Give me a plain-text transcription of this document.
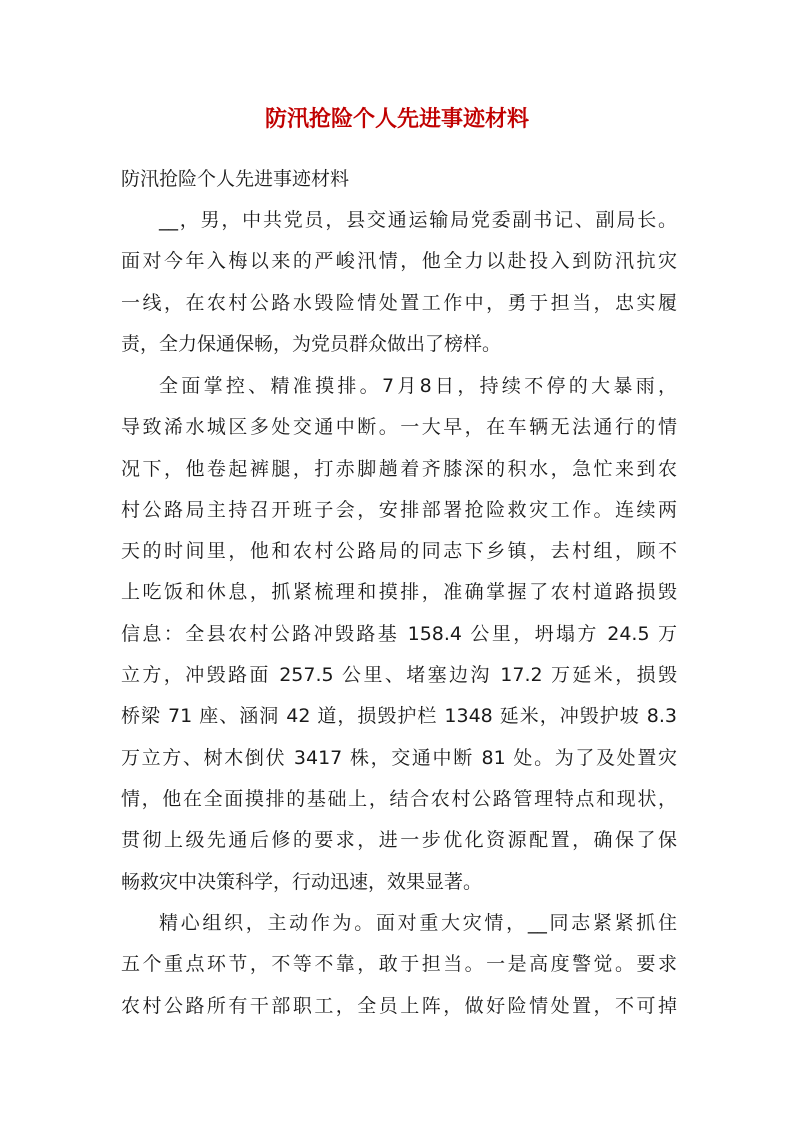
防汛抢险个人先进事迹材料
防汛抢险个人先进事迹材料
__，男，中共党员，县交通运输局党委副书记、副局长。
面对今年入梅以来的严峻汛情，他全力以赴投入到防汛抗灾
一线，在农村公路水毁险情处置工作中，勇于担当，忠实履
责，全力保通保畅，为党员群众做出了榜样。
全面掌控、精准摸排。7月8日，持续不停的大暴雨，
导致浠水城区多处交通中断。一大早，在车辆无法通行的情
况下，他卷起裤腿，打赤脚趟着齐膝深的积水，急忙来到农
村公路局主持召开班子会，安排部署抢险救灾工作。连续两
天的时间里，他和农村公路局的同志下乡镇，去村组，顾不
上吃饭和休息，抓紧梳理和摸排，准确掌握了农村道路损毁
信息：全县农村公路冲毁路基 158.4 公里，坍塌方 24.5 万
立方，冲毁路面 257.5 公里、堵塞边沟 17.2 万延米，损毁
桥梁 71 座、涵洞 42 道，损毁护栏 1348 延米，冲毁护坡 8.3
万立方、树木倒伏 3417 株，交通中断 81 处。为了及处置灾
情，他在全面摸排的基础上，结合农村公路管理特点和现状，
贯彻上级先通后修的要求，进一步优化资源配置，确保了保
畅救灾中决策科学，行动迅速，效果显著。
精心组织，主动作为。面对重大灾情，__同志紧紧抓住
五个重点环节，不等不靠，敢于担当。一是高度警觉。要求
农村公路所有干部职工，全员上阵，做好险情处置，不可掉
